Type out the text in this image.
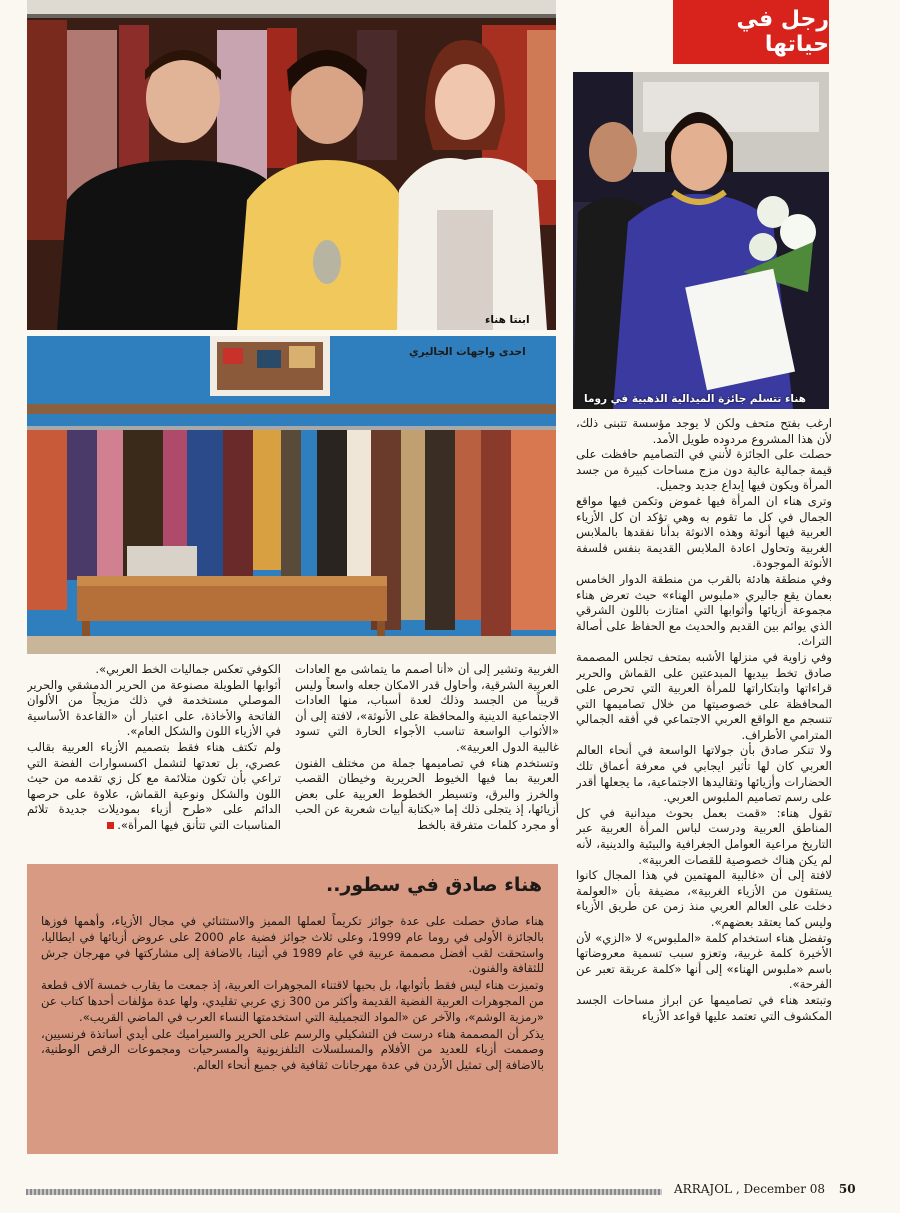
رجل في حياتها
ابنتا هناء
هناء تتسلم جائزة الميدالية الذهبية في روما
احدى واجهات الجاليري

ارغب بفتح متحف ولكن لا يوجد مؤسسة تتبنى ذلك، لأن هذا المشروع مردوده طويل الأمد.

حصلت على الجائزة لأنني في التصاميم حافظت على قيمة جمالية عالية دون مزج مساحات كبيرة من جسد المرأة ويكون فيها إبداع جديد وجميل.

وترى هناء ان المرأة فيها غموض وتكمن فيها مواقع الجمال في كل ما تقوم به وهي تؤكد ان كل الأزياء العربية فيها أنوثة وهذه الانوثة بدأنا نفقدها بالملابس الغربية وتحاول اعادة الملابس القديمة بنفس فلسفة الأنوثة الموجودة.

وفي منطقة هادئة بالقرب من منطقة الدوار الخامس بعمان يقع جاليري «ملبوس الهناء» حيث تعرض هناء مجموعة أزيائها وأثوابها التي امتازت باللون الشرقي الذي يوائم بين القديم والحديث مع الحفاظ على أصالة التراث.

وفي زاوية في منزلها الأشبه بمتحف تجلس المصممة صادق تخط بيديها المبدعتين على القماش والحرير قراءاتها وابتكاراتها للمرأة العربية التي تحرص على المحافظة على خصوصيتها من خلال تصاميمها التي تنسجم مع الواقع العربي الاجتماعي في أفقه الجمالي المترامي الأطراف.

ولا تنكر صادق بأن جولاتها الواسعة في أنحاء العالم العربي كان لها تأثير ايجابي في معرفة أعماق تلك الحضارات وأزيائها وتقاليدها الاجتماعية، ما يجعلها أقدر على رسم تصاميم الملبوس العربي.

تقول هناء: «قمت بعمل بحوث ميدانية في كل المناطق العربية ودرست لباس المرأة العربية عبر التاريخ مراعية العوامل الجغرافية والبيئية والدينية، لأنه لم يكن هناك خصوصية للقصات العربية».

لافتة إلى أن «غالبية المهتمين في هذا المجال كانوا يستقون من الأزياء الغربية»، مضيفة بأن «العولمة دخلت على العالم العربي منذ زمن عن طريق الأزياء وليس كما يعتقد بعضهم».

وتفضل هناء استخدام كلمة «الملبوس» لا «الزي» لأن الأخيرة كلمة غربية، وتعزو سبب تسمية معروضاتها باسم «ملبوس الهناء» إلى أنها «كلمة عريقة تعبر عن الفرحة».

وتبتعد هناء في تصاميمها عن ابراز مساحات الجسد المكشوف التي تعتمد عليها قواعد الأزياء

الغربية وتشير إلى أن «أنا أصمم ما يتماشى مع العادات العربية الشرقية، وأحاول قدر الامكان جعله واسعاً وليس قريباً من الجسد وذلك لعدة أسباب، منها العادات الاجتماعية الدينية والمحافظة على الأنوثة»، لافتة إلى أن «الأثواب الواسعة تناسب الأجواء الحارة التي تسود غالبية الدول العربية».

وتستخدم هناء في تصاميمها جملة من مختلف الفنون العربية بما فيها الخيوط الحريرية وخيطان القصب والخرز والبرق، وتسيطر الخطوط العربية على بعض أزيائها، إذ يتجلى ذلك إما «بكتابة أبيات شعرية عن الحب أو مجرد كلمات متفرقة بالخط

الكوفي تعكس جماليات الخط العربي».

أثوابها الطويلة مصنوعة من الحرير الدمشقي والحرير الموصلي مستخدمة في ذلك مزيجاً من الألوان الفاتحة والأخاذة، على اعتبار أن «القاعدة الأساسية في الأزياء اللون والشكل العام».

ولم تكتف هناء فقط بتصميم الأزياء العربية بقالب عصري، بل تعدتها لتشمل اكسسوارات الفضة التي تراعي بأن تكون متلائمة مع كل زي تقدمه من حيث اللون والشكل ونوعية القماش، علاوة على حرصها الدائم على «طرح أزياء بموديلات جديدة تلائم المناسبات التي تتأنق فيها المرأة».

هناء صادق في سطور..

هناء صادق حصلت على عدة جوائز تكريماً لعملها المميز والاستثنائي في مجال الأزياء، وأهمها فوزها بالجائزة الأولى في روما عام 1999، وعلى ثلاث جوائز فضية عام 2000 على عروض أزيائها في ايطاليا، واستحقت لقب أفضل مصممة عربية في عام 1989 في أثينا، بالاضافة إلى مشاركتها في مهرجان جرش للثقافة والفنون.

وتميزت هناء ليس فقط بأثوابها، بل بحبها لاقتناء المجوهرات العربية، إذ جمعت ما يقارب خمسة آلاف قطعة من المجوهرات العربية الفضية القديمة وأكثر من 300 زي عربي تقليدي، ولها عدة مؤلفات أحدها كتاب عن «رمزية الوشم»، والآخر عن «المواد التجميلية التي استخدمتها النساء العرب في الماضي القريب».

يذكر أن المصممة هناء درست فن التشكيلي والرسم على الحرير والسيراميك على أيدي أساتذة فرنسيين، وصممت أزياء للعديد من الأفلام والمسلسلات التلفزيونية والمسرحيات ومجموعات الرقص الوطنية، بالاضافة إلى تمثيل الأردن في عدة مهرجانات ثقافية في جميع أنحاء العالم.

ARRAJOL , December 08 50
